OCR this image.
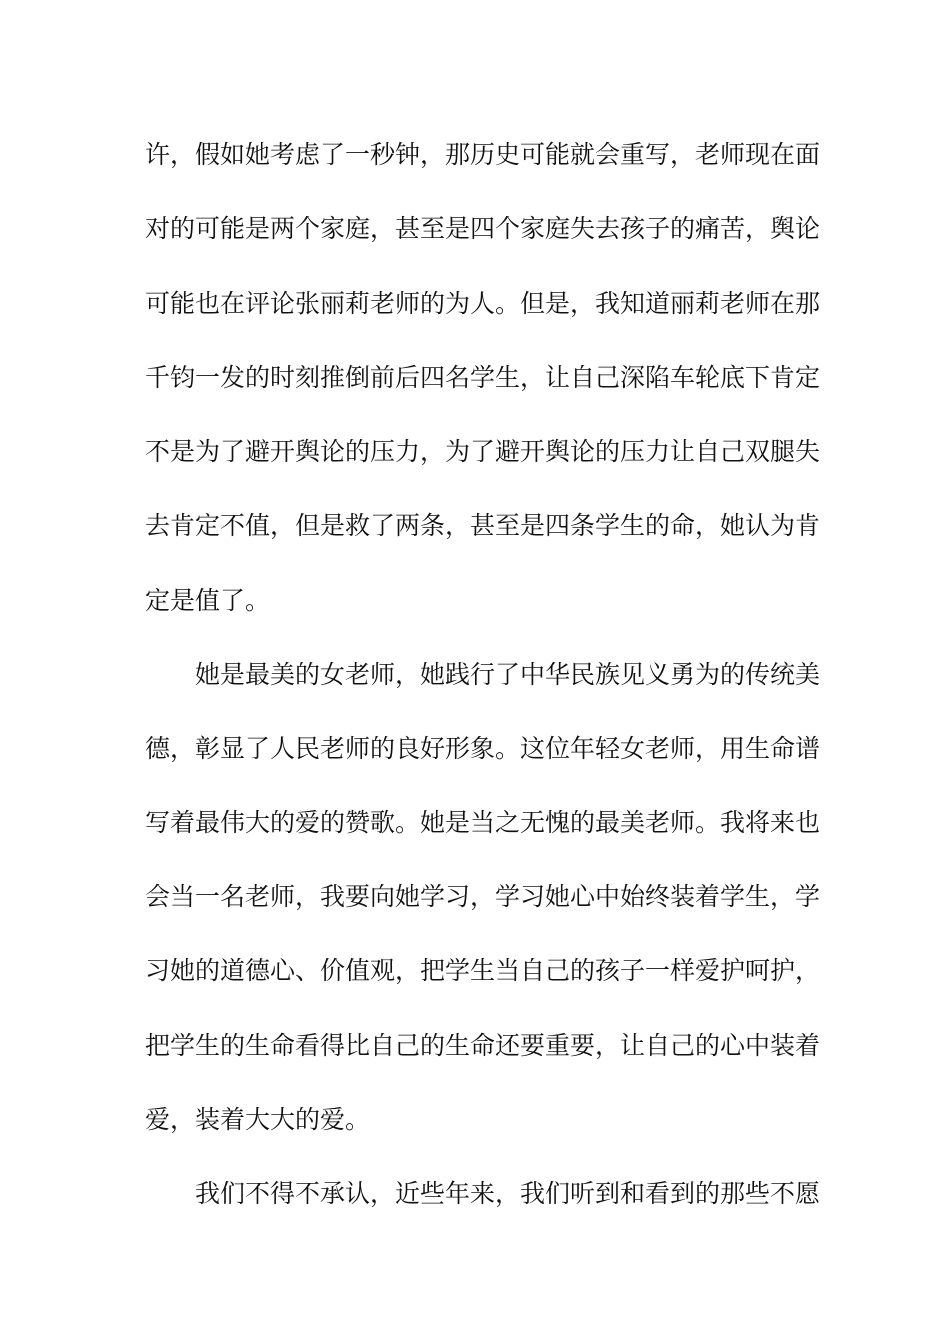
许，假如她考虑了一秒钟，那历史可能就会重写，老师现在面
对的可能是两个家庭，甚至是四个家庭失去孩子的痛苦，舆论
可能也在评论张丽莉老师的为人。但是，我知道丽莉老师在那
千钧一发的时刻推倒前后四名学生，让自己深陷车轮底下肯定
不是为了避开舆论的压力，为了避开舆论的压力让自己双腿失
去肯定不值，但是救了两条，甚至是四条学生的命，她认为肯
定是值了。
她是最美的女老师，她践行了中华民族见义勇为的传统美
德，彰显了人民老师的良好形象。这位年轻女老师，用生命谱
写着最伟大的爱的赞歌。她是当之无愧的最美老师。我将来也
会当一名老师，我要向她学习，学习她心中始终装着学生，学
习她的道德心、价值观，把学生当自己的孩子一样爱护呵护，
把学生的生命看得比自己的生命还要重要，让自己的心中装着
爱，装着大大的爱。
我们不得不承认，近些年来，我们听到和看到的那些不愿
